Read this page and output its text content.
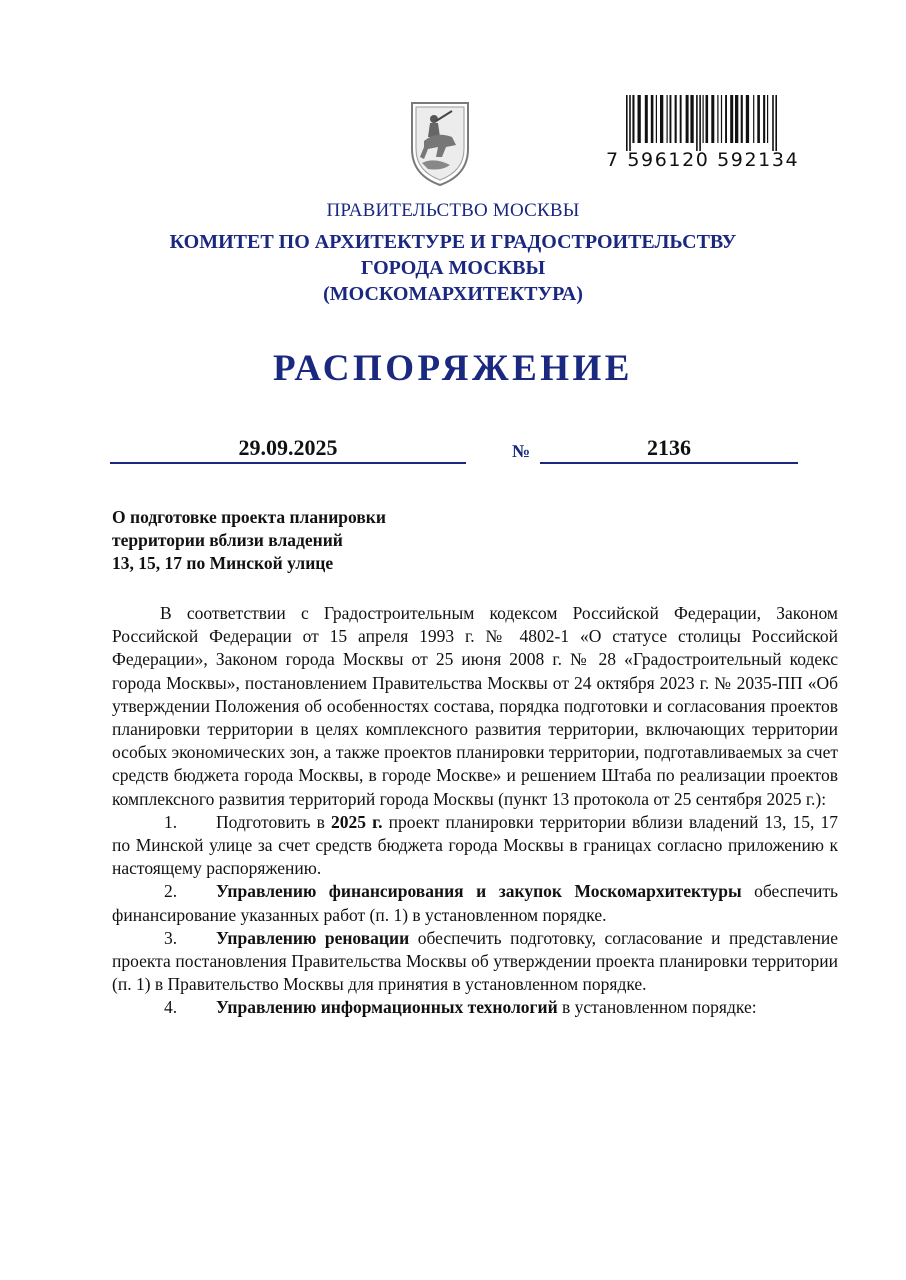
7 596120 592134
ПРАВИТЕЛЬСТВО МОСКВЫ
КОМИТЕТ ПО АРХИТЕКТУРЕ И ГРАДОСТРОИТЕЛЬСТВУ
ГОРОДА МОСКВЫ
(МОСКОМАРХИТЕКТУРА)
РАСПОРЯЖЕНИЕ
29.09.2025	№	2136
О подготовке проекта планировки
территории вблизи владений
13, 15, 17 по Минской улице

В соответствии с Градостроительным кодексом Российской Федерации, Законом Российской Федерации от 15 апреля 1993 г. № 4802-1 «О статусе столицы Российской Федерации», Законом города Москвы от 25 июня 2008 г. № 28 «Градостроительный кодекс города Москвы», постановлением Правительства Москвы от 24 октября 2023 г. № 2035-ПП «Об утверждении Положения об особенностях состава, порядка подготовки и согласования проектов планировки территории в целях комплексного развития территории, включающих территории особых экономических зон, а также проектов планировки территории, подготавливаемых за счет средств бюджета города Москвы, в городе Москве» и решением Штаба по реализации проектов комплексного развития территорий города Москвы (пункт 13 протокола от 25 сентября 2025 г.):

1. Подготовить в 2025 г. проект планировки территории вблизи владений 13, 15, 17 по Минской улице за счет средств бюджета города Москвы в границах согласно приложению к настоящему распоряжению.

2. Управлению финансирования и закупок Москомархитектуры обеспечить финансирование указанных работ (п. 1) в установленном порядке.

3. Управлению реновации обеспечить подготовку, согласование и представление проекта постановления Правительства Москвы об утверждении проекта планировки территории (п. 1) в Правительство Москвы для принятия в установленном порядке.

4. Управлению информационных технологий в установленном порядке:
